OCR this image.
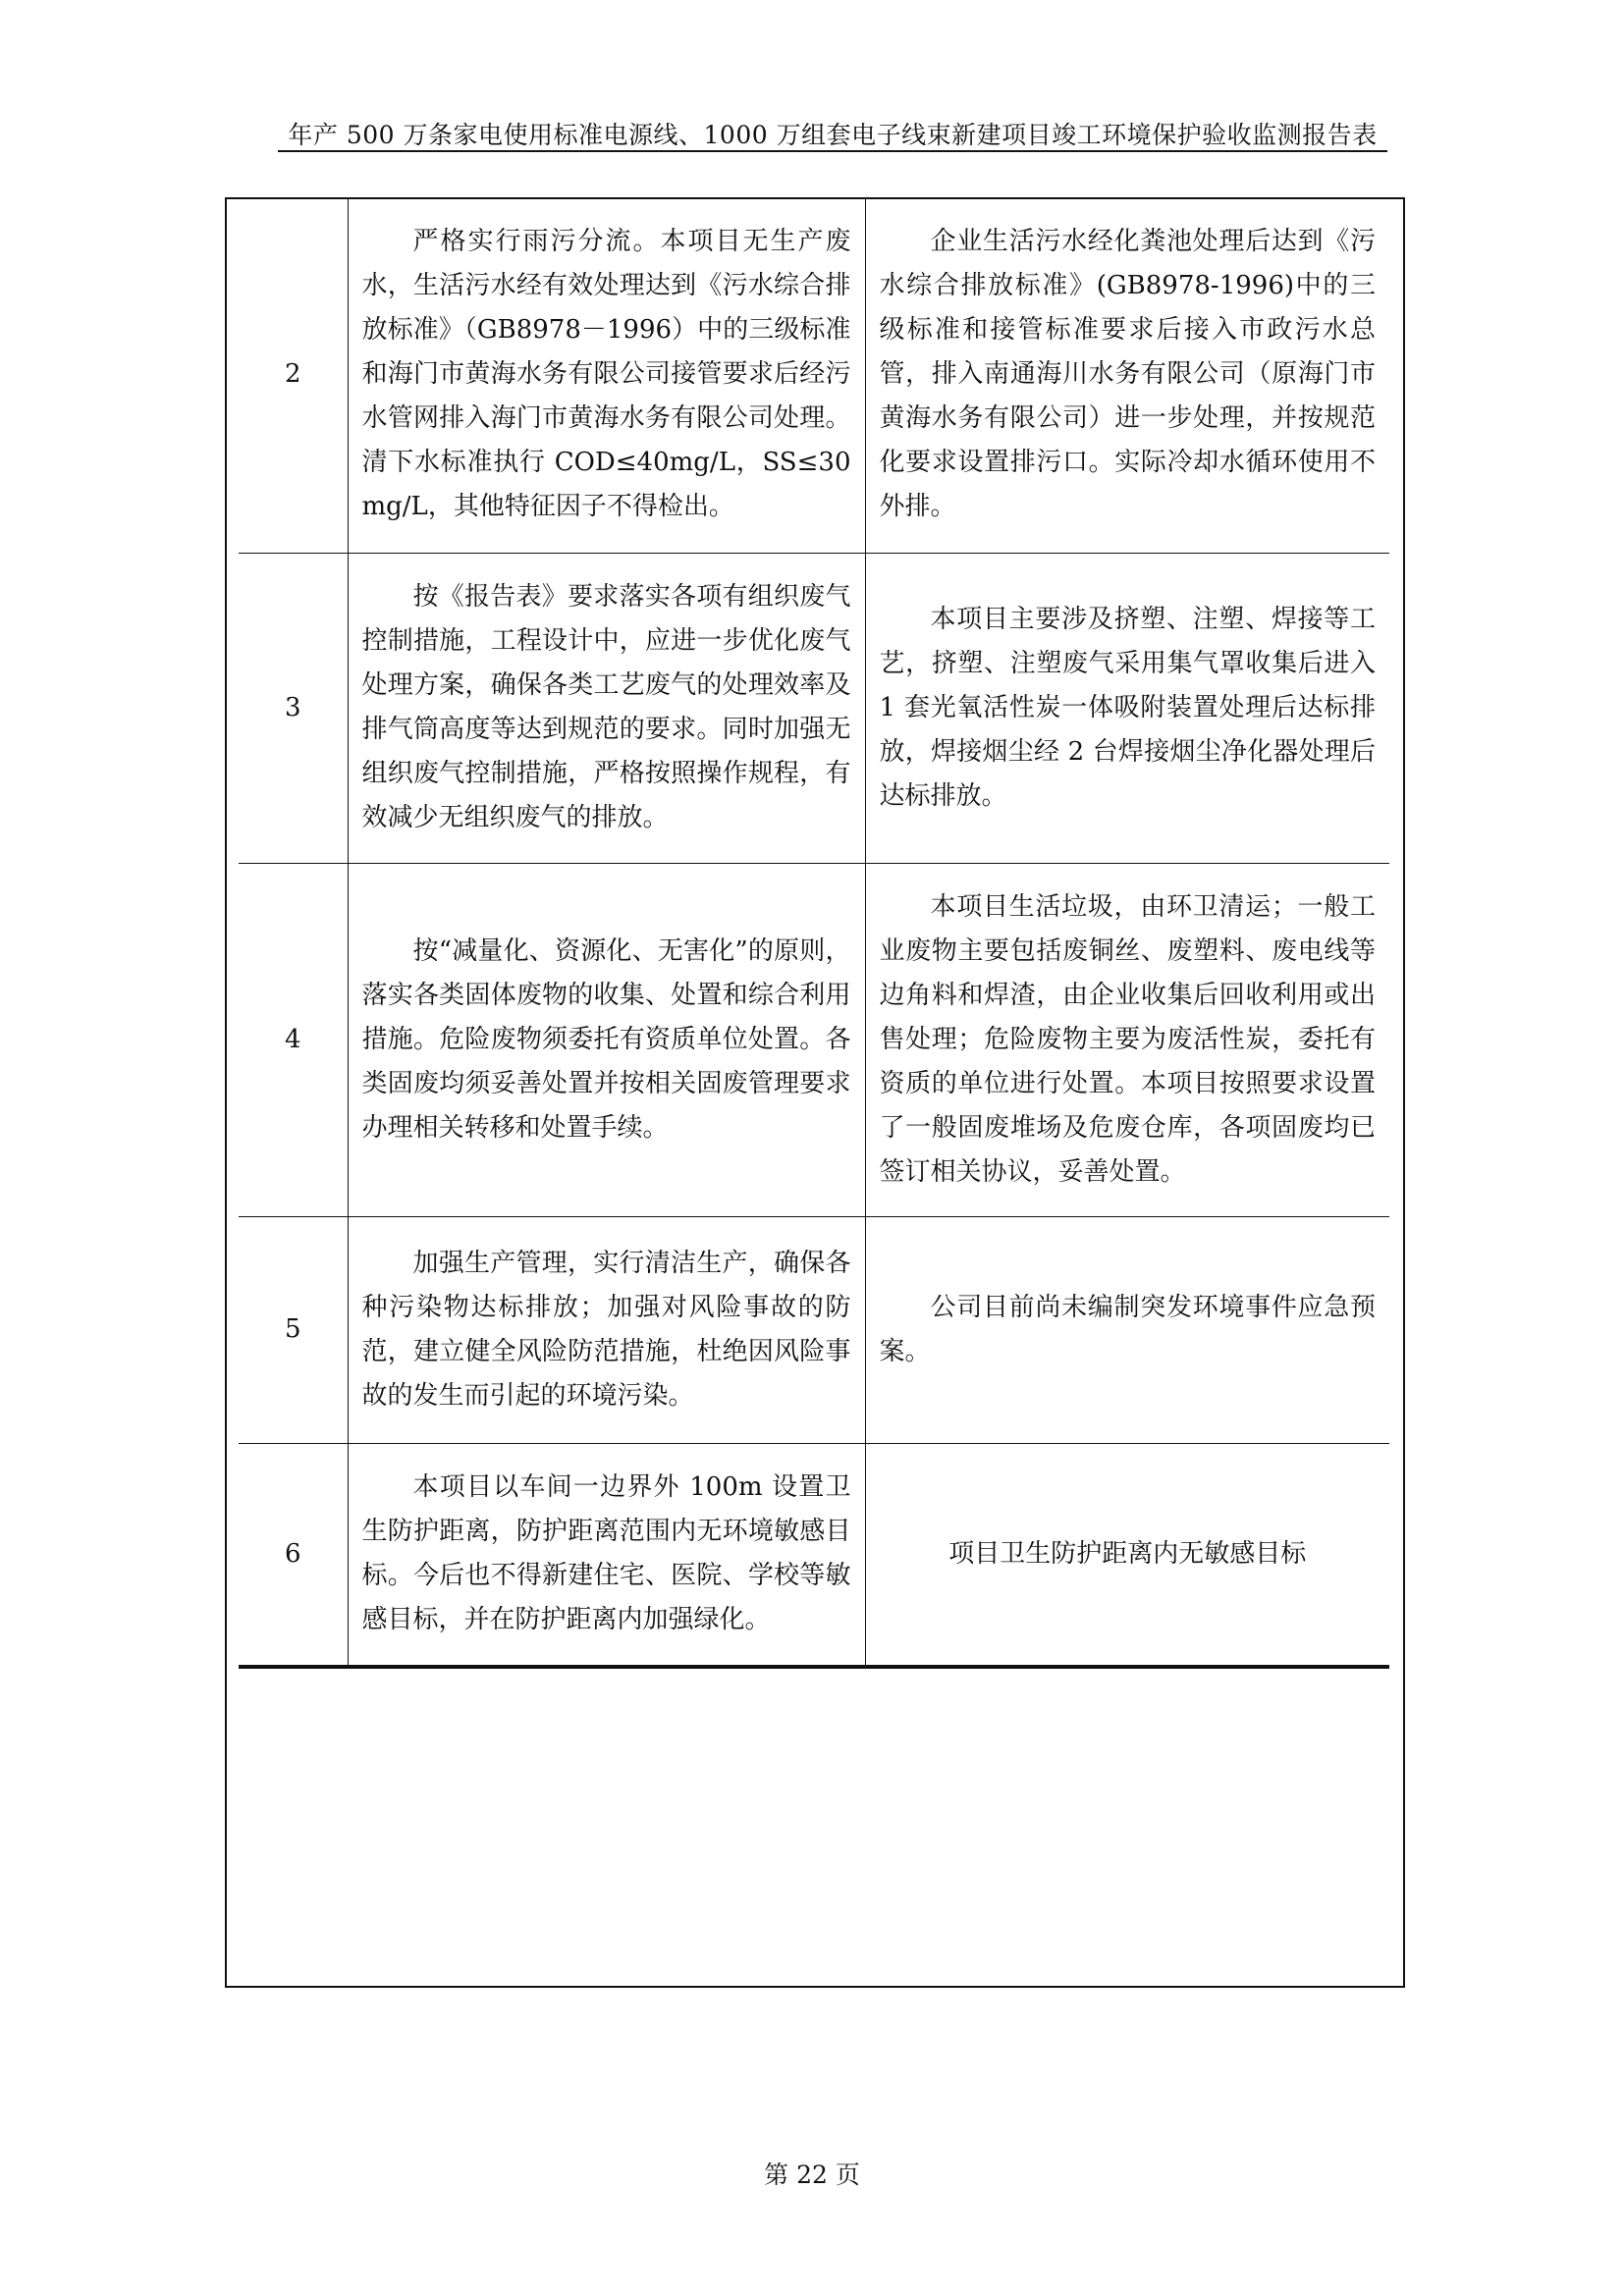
年产 500 万条家电使用标准电源线、1000 万组套电子线束新建项目竣工环境保护验收监测报告表
2	严格实行雨污分流。本项目无生产废水，生活污水经有效处理达到《污水综合排放标准》（GB8978－1996）中的三级标准和海门市黄海水务有限公司接管要求后经污水管网排入海门市黄海水务有限公司处理。清下水标准执行 COD≤40mg/L，SS≤30 mg/L，其他特征因子不得检出。	企业生活污水经化粪池处理后达到《污水综合排放标准》(GB8978-1996)中的三级标准和接管标准要求后接入市政污水总管，排入南通海川水务有限公司（原海门市黄海水务有限公司）进一步处理，并按规范化要求设置排污口。实际冷却水循环使用不外排。

3	按《报告表》要求落实各项有组织废气控制措施，工程设计中，应进一步优化废气处理方案，确保各类工艺废气的处理效率及排气筒高度等达到规范的要求。同时加强无组织废气控制措施，严格按照操作规程，有效减少无组织废气的排放。	本项目主要涉及挤塑、注塑、焊接等工艺，挤塑、注塑废气采用集气罩收集后进入 1 套光氧活性炭一体吸附装置处理后达标排放，焊接烟尘经 2 台焊接烟尘净化器处理后达标排放。

4	按“减量化、资源化、无害化”的原则，落实各类固体废物的收集、处置和综合利用措施。危险废物须委托有资质单位处置。各类固废均须妥善处置并按相关固废管理要求办理相关转移和处置手续。	本项目生活垃圾，由环卫清运；一般工业废物主要包括废铜丝、废塑料、废电线等边角料和焊渣，由企业收集后回收利用或出售处理；危险废物主要为废活性炭，委托有资质的单位进行处置。本项目按照要求设置了一般固废堆场及危废仓库，各项固废均已签订相关协议，妥善处置。

5	加强生产管理，实行清洁生产，确保各种污染物达标排放；加强对风险事故的防范，建立健全风险防范措施，杜绝因风险事故的发生而引起的环境污染。	公司目前尚未编制突发环境事件应急预案。

6	本项目以车间一边界外 100m 设置卫生防护距离，防护距离范围内无环境敏感目标。今后也不得新建住宅、医院、学校等敏感目标，并在防护距离内加强绿化。	项目卫生防护距离内无敏感目标
第 22 页
